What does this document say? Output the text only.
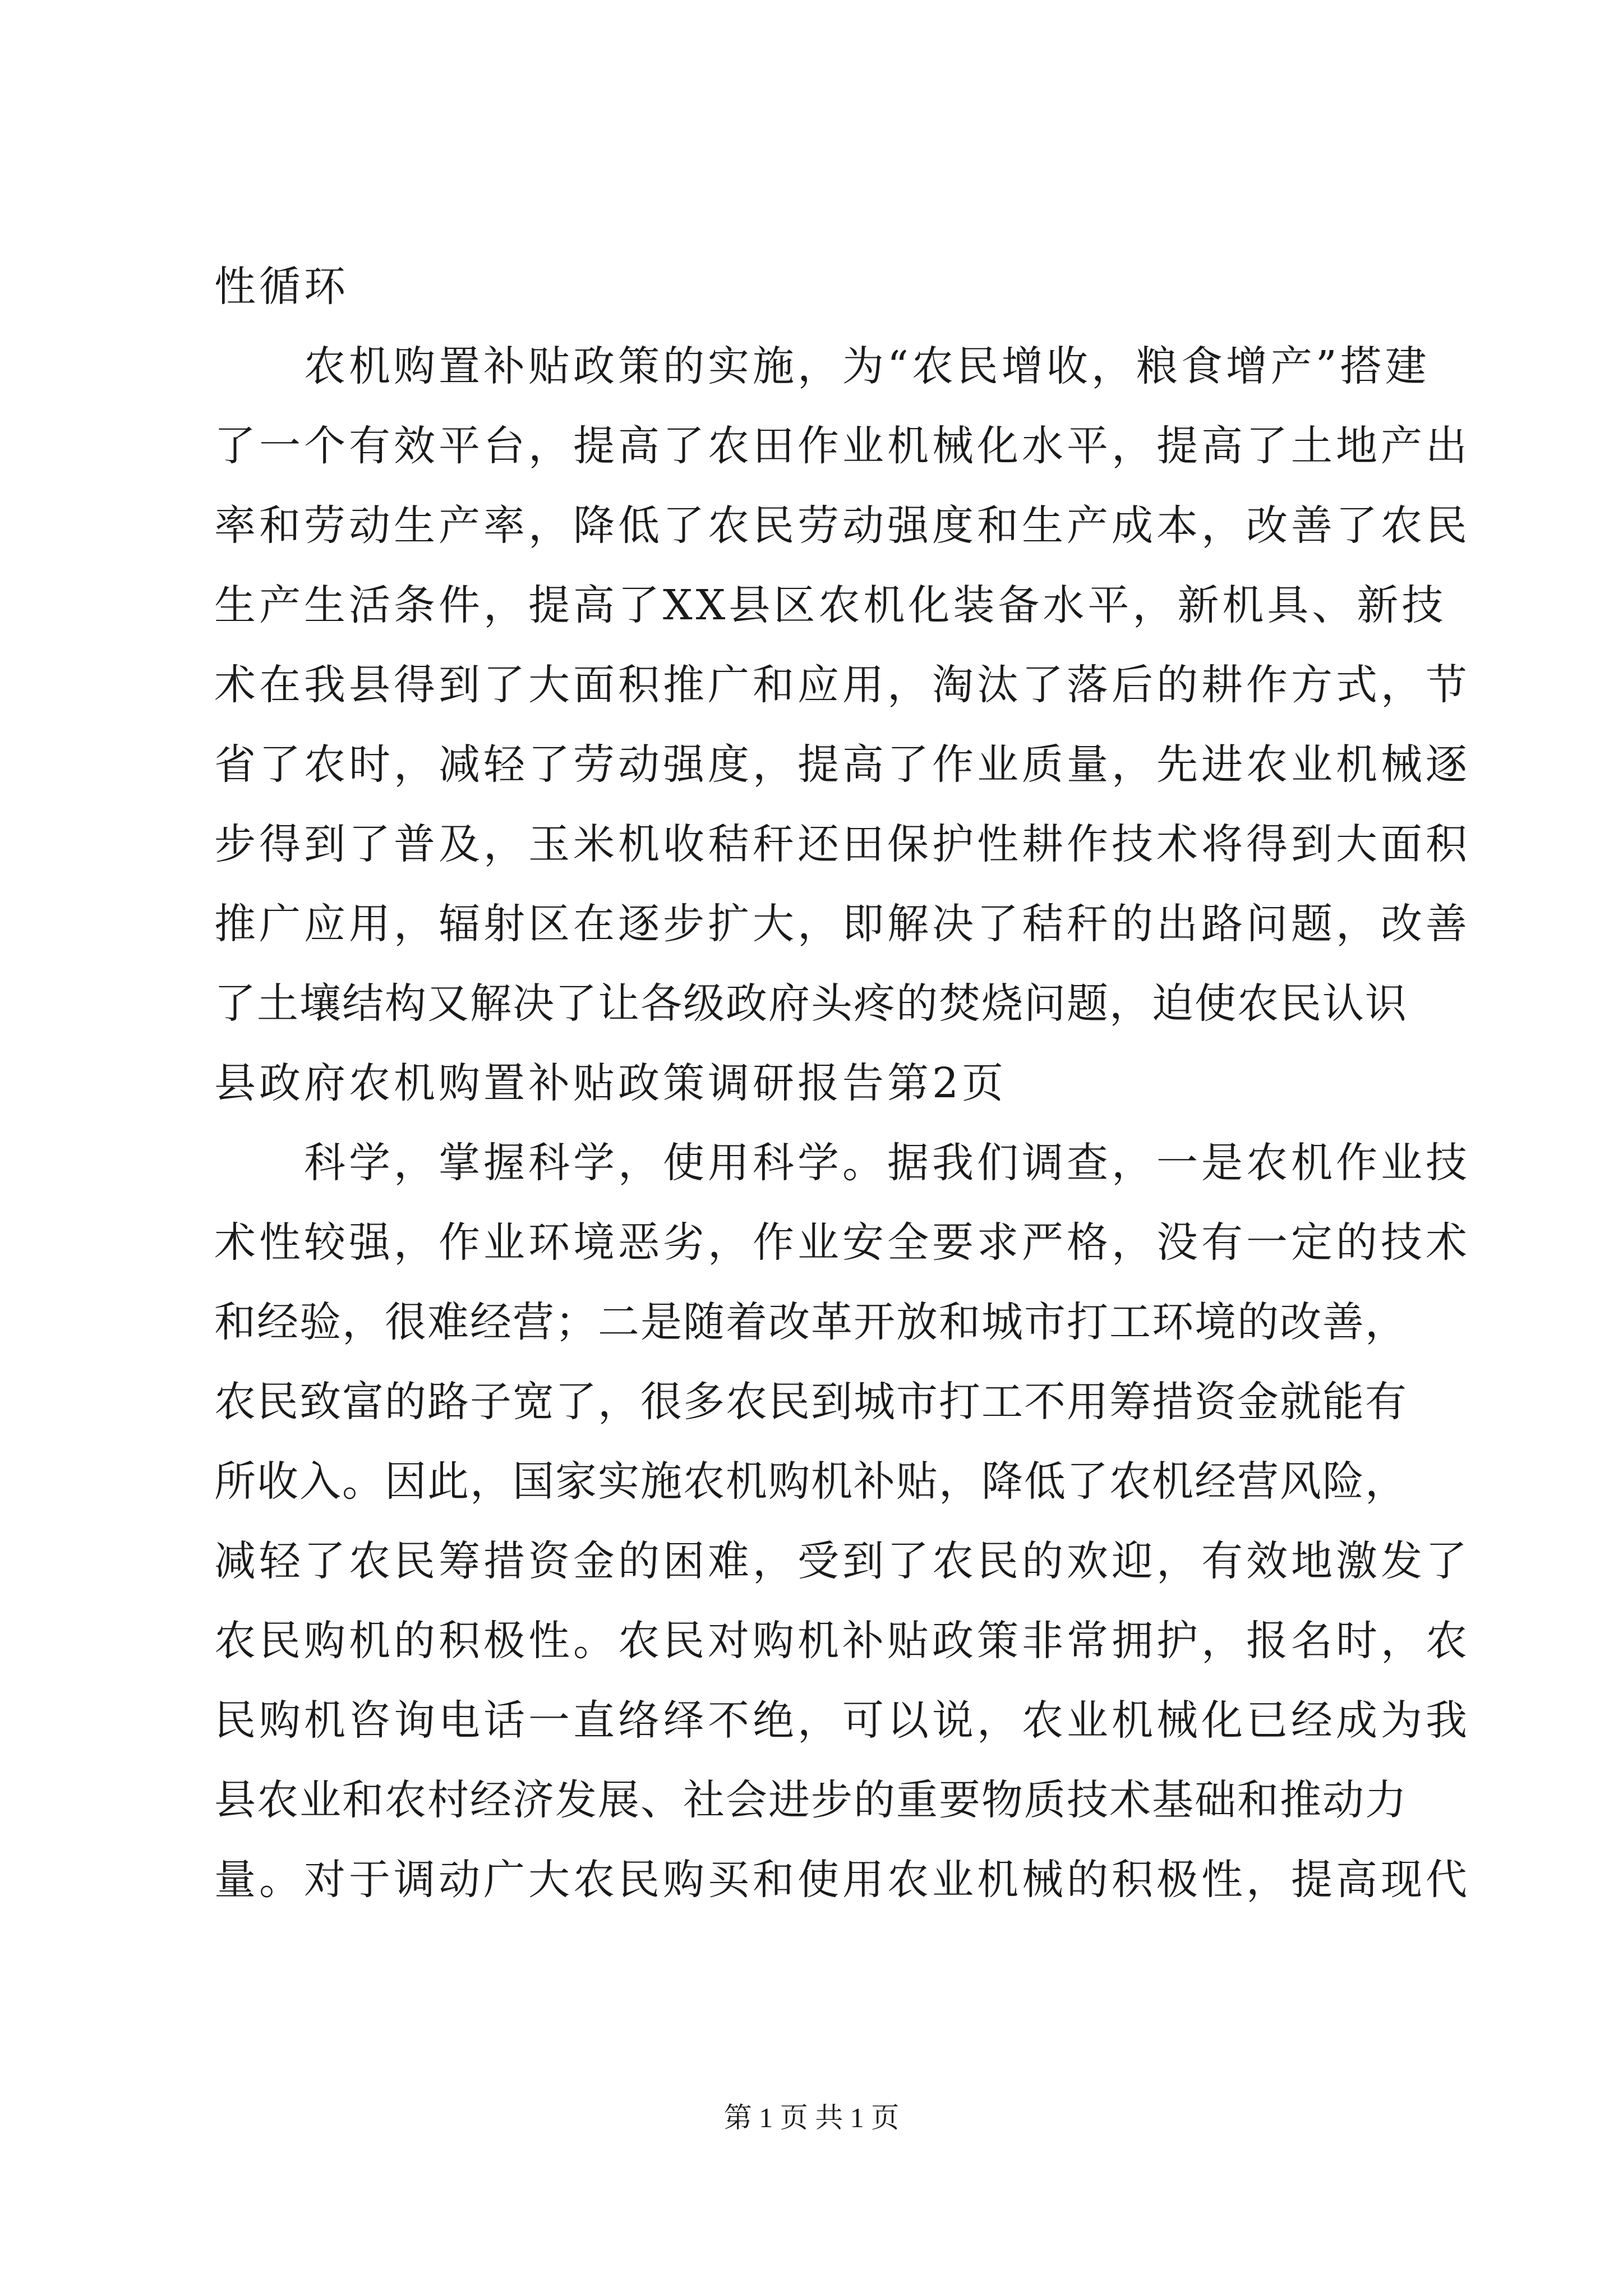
性循环
　　农机购置补贴政策的实施，为“农民增收，粮食增产”搭建
了一个有效平台，提高了农田作业机械化水平，提高了土地产出
率和劳动生产率，降低了农民劳动强度和生产成本，改善了农民
生产生活条件，提高了XX县区农机化装备水平，新机具、新技
术在我县得到了大面积推广和应用，淘汰了落后的耕作方式，节
省了农时，减轻了劳动强度，提高了作业质量，先进农业机械逐
步得到了普及，玉米机收秸秆还田保护性耕作技术将得到大面积
推广应用，辐射区在逐步扩大，即解决了秸秆的出路问题，改善
了土壤结构又解决了让各级政府头疼的焚烧问题，迫使农民认识
县政府农机购置补贴政策调研报告第2页
　　科学，掌握科学，使用科学。据我们调查，一是农机作业技
术性较强，作业环境恶劣，作业安全要求严格，没有一定的技术
和经验，很难经营；二是随着改革开放和城市打工环境的改善，
农民致富的路子宽了，很多农民到城市打工不用筹措资金就能有
所收入。因此，国家实施农机购机补贴，降低了农机经营风险，
减轻了农民筹措资金的困难，受到了农民的欢迎，有效地激发了
农民购机的积极性。农民对购机补贴政策非常拥护，报名时，农
民购机咨询电话一直络绎不绝，可以说，农业机械化已经成为我
县农业和农村经济发展、社会进步的重要物质技术基础和推动力
量。对于调动广大农民购买和使用农业机械的积极性，提高现代
第 1 页 共 1 页
